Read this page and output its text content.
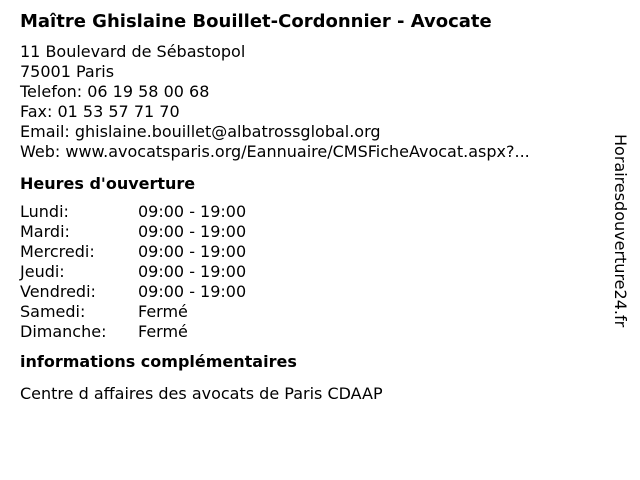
Maître Ghislaine Bouillet-Cordonnier - Avocate
11 Boulevard de Sébastopol
75001 Paris
Telefon: 06 19 58 00 68
Fax: 01 53 57 71 70
Email: ghislaine.bouillet@albatrossglobal.org
Web: www.avocatsparis.org/Eannuaire/CMSFicheAvocat.aspx?...
Heures d'ouverture
Lundi:	09:00 - 19:00
Mardi:	09:00 - 19:00
Mercredi:	09:00 - 19:00
Jeudi:	09:00 - 19:00
Vendredi:	09:00 - 19:00
Samedi:	Fermé
Dimanche:	Fermé
informations complémentaires
Centre d affaires des avocats de Paris CDAAP
Horairesdouverture24.fr
